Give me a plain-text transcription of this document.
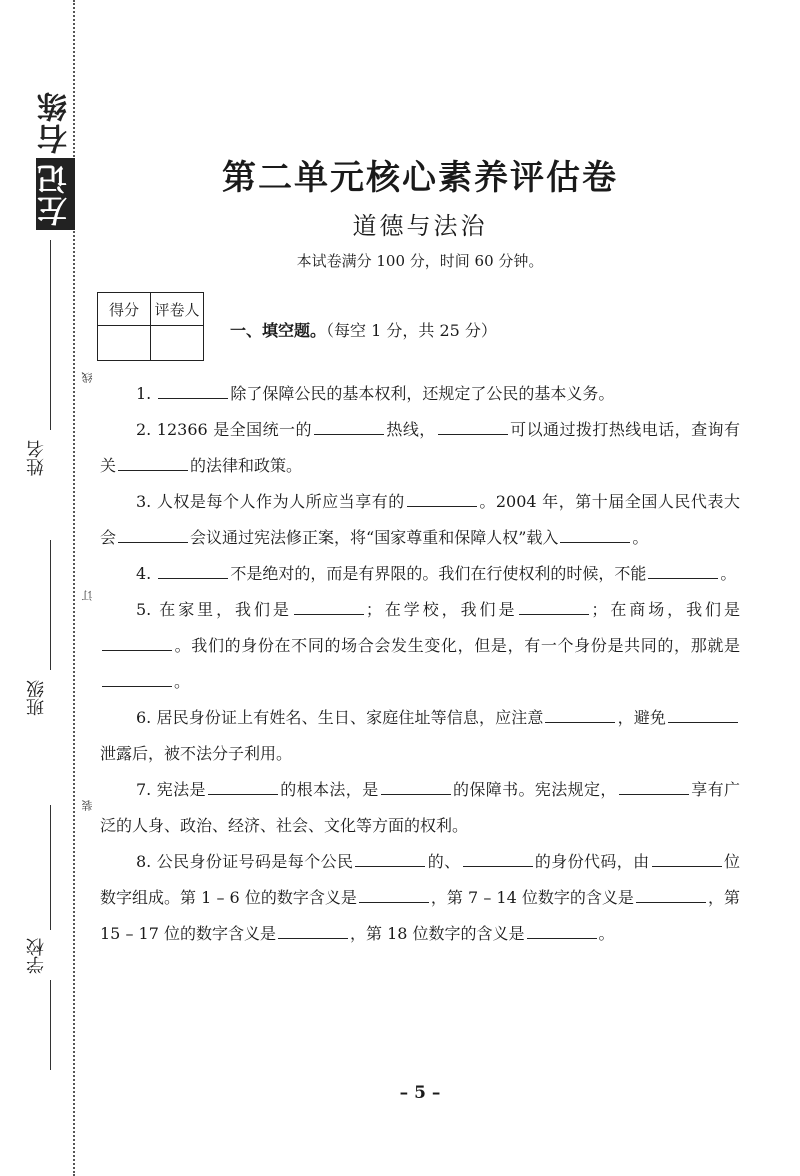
左记右练
姓名
班级
学校
线
订
装
第二单元核心素养评估卷
道德与法治
本试卷满分 100 分，时间 60 分钟。
得分	评卷人

一、填空题。（每空 1 分，共 25 分）

1.	除了保障公民的基本权利，还规定了公民的基本义务。

2. 12366 是全国统一的	热线，	可以通过拨打热线电话，查询有关	的法律和政策。

3. 人权是每个人作为人所应当享有的	。2004 年，第十届全国人民代表大会	会议通过宪法修正案，将“国家尊重和保障人权”载入	。

4.	不是绝对的，而是有界限的。我们在行使权利的时候，不能	。

5. 在家里，我们是	；在学校，我们是	；在商场，我们是。我们的身份在不同的场合会发生变化，但是，有一个身份是共同的，那就是。

6. 居民身份证上有姓名、生日、家庭住址等信息，应注意	，避免泄露后，被不法分子利用。

7. 宪法是	的根本法，是	的保障书。宪法规定，	享有广泛的人身、政治、经济、社会、文化等方面的权利。

8. 公民身份证号码是每个公民	的、	的身份代码，由	位数字组成。第 1 – 6 位的数字含义是	，第 7 – 14 位数字的含义是	，第 15 – 17 位的数字含义是	，第 18 位数字的含义是	。

– 5 –
